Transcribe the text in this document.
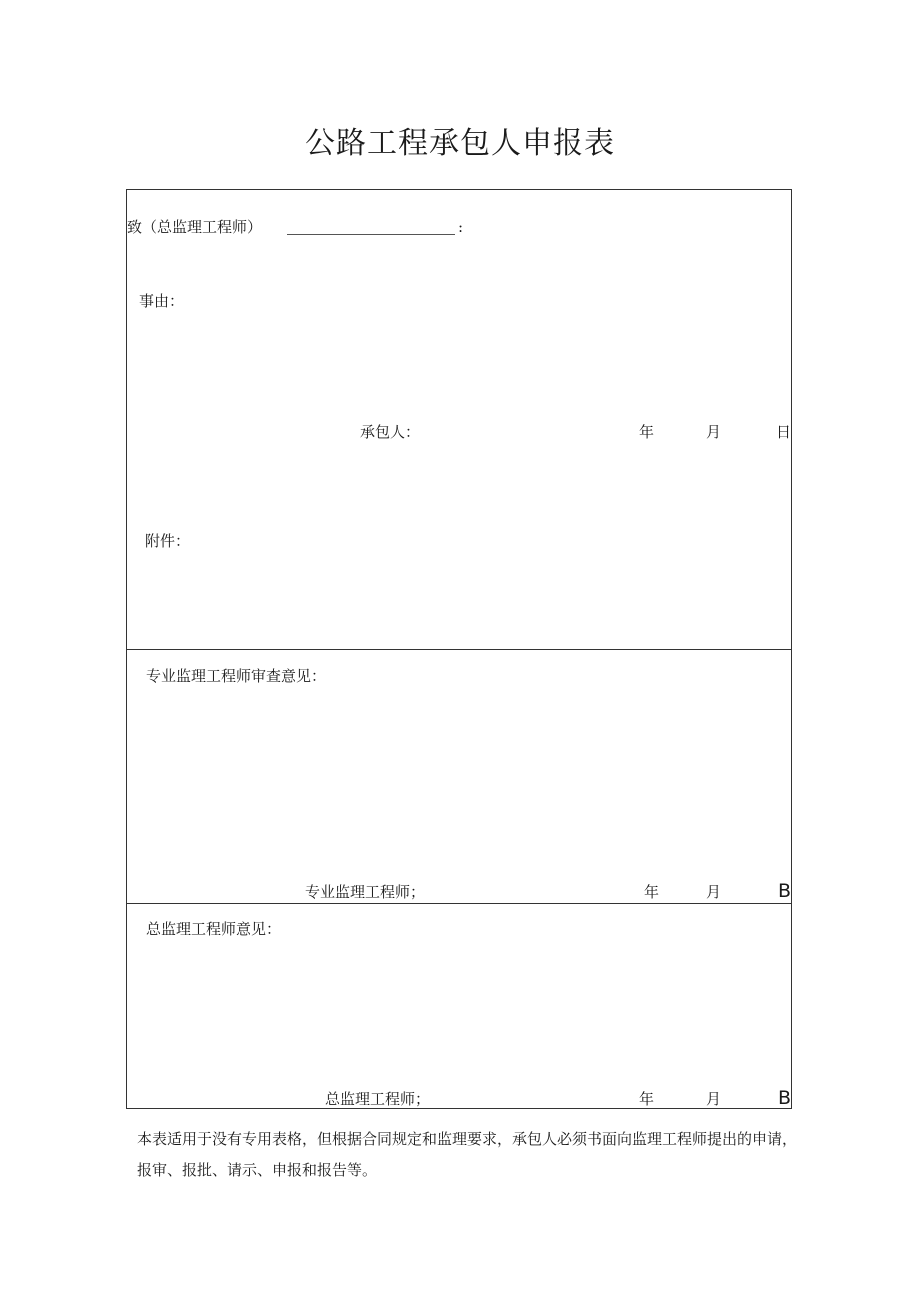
公路工程承包人申报表
致（总监理工程师）	:
事由：
承包人：	年	月	日
附件：
专业监理工程师审查意见：
专业监理工程师；	年	月	B
总监理工程师意见：
总监理工程师；	年	月	B
本表适用于没有专用表格，但根据合同规定和监理要求，承包人必须书面向监理工程师提出的申请，报审、报批、请示、申报和报告等。
